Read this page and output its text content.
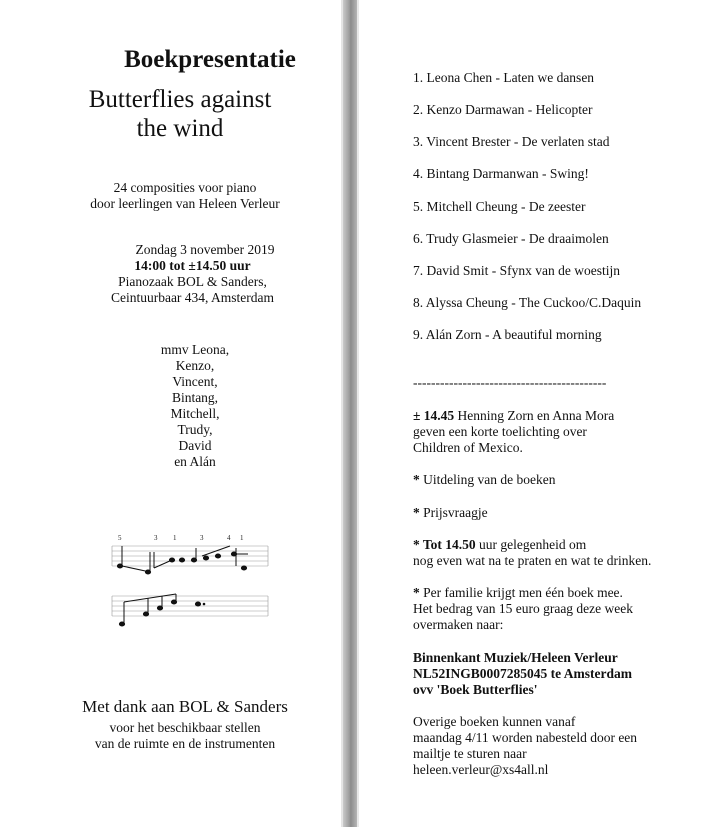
Boekpresentatie
Butterflies against
the wind
24 composities voor piano
door leerlingen van Heleen Verleur
Zondag 3 november 2019
14:00 tot ±14.50 uur
Pianozaak BOL & Sanders,
Ceintuurbaar 434, Amsterdam
mmv Leona,
Kenzo,
Vincent,
Bintang,
Mitchell,
Trudy,
David
en Alán
5	3 1	3	4 1
Met dank aan BOL & Sanders
voor het beschikbaar stellen
van de ruimte en de instrumenten
1. Leona Chen - Laten we dansen
2. Kenzo Darmawan - Helicopter
3. Vincent Brester - De verlaten stad
4. Bintang Darmanwan - Swing!
5. Mitchell Cheung - De zeester
6. Trudy Glasmeier - De draaimolen
7. David Smit - Sfynx van de woestijn
8. Alyssa Cheung - The Cuckoo/C.Daquin
9. Alán Zorn - A beautiful morning
-------------------------------------------
± 14.45 Henning Zorn en Anna Mora
geven een korte toelichting over
Children of Mexico.
* Uitdeling van de boeken
* Prijsvraagje
* Tot 14.50 uur gelegenheid om
nog even wat na te praten en wat te drinken.
* Per familie krijgt men één boek mee.
Het bedrag van 15 euro graag deze week
overmaken naar:
Binnenkant Muziek/Heleen Verleur
NL52INGB0007285045 te Amsterdam
ovv 'Boek Butterflies'
Overige boeken kunnen vanaf
maandag 4/11 worden nabesteld door een
mailtje te sturen naar
heleen.verleur@xs4all.nl
